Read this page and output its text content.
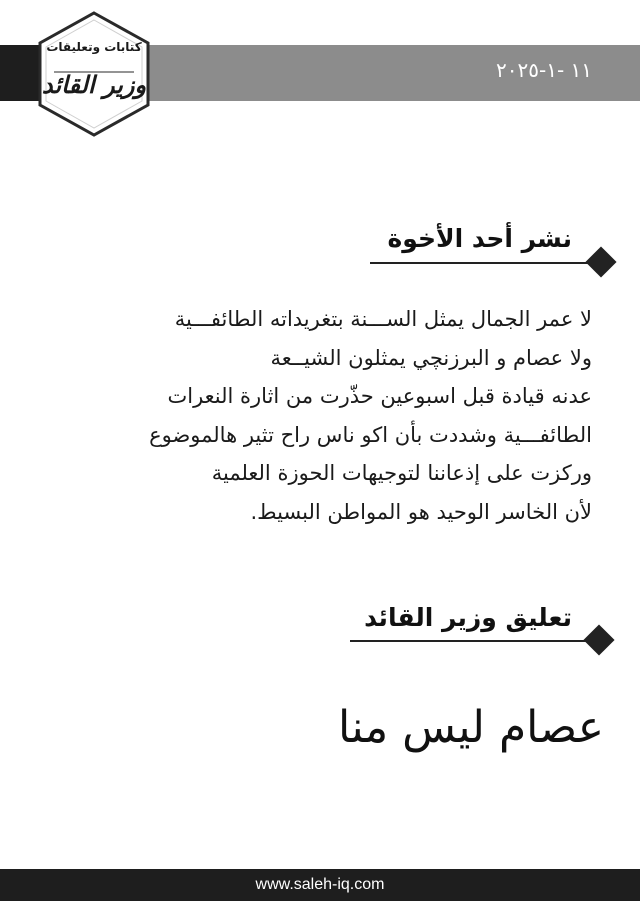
١١ -١-٢٠٢٥
كتابات وتعليقات
وزير القائد
نشر أحد الأخوة
لا عمر الجمال يمثل الســـنة بتغريداته الطائفـــية
ولا عصام و البرزنچي يمثلون الشيــعة
عدنه قيادة قبل اسبوعين حذّرت من اثارة النعرات
الطائفـــية وشددت بأن اكو ناس راح تثير هالموضوع
وركزت على إذعاننا لتوجيهات الحوزة العلمية
لأن الخاسر الوحيد هو المواطن البسيط.
تعليق وزير القائد
عصام ليس منا
www.saleh-iq.com
